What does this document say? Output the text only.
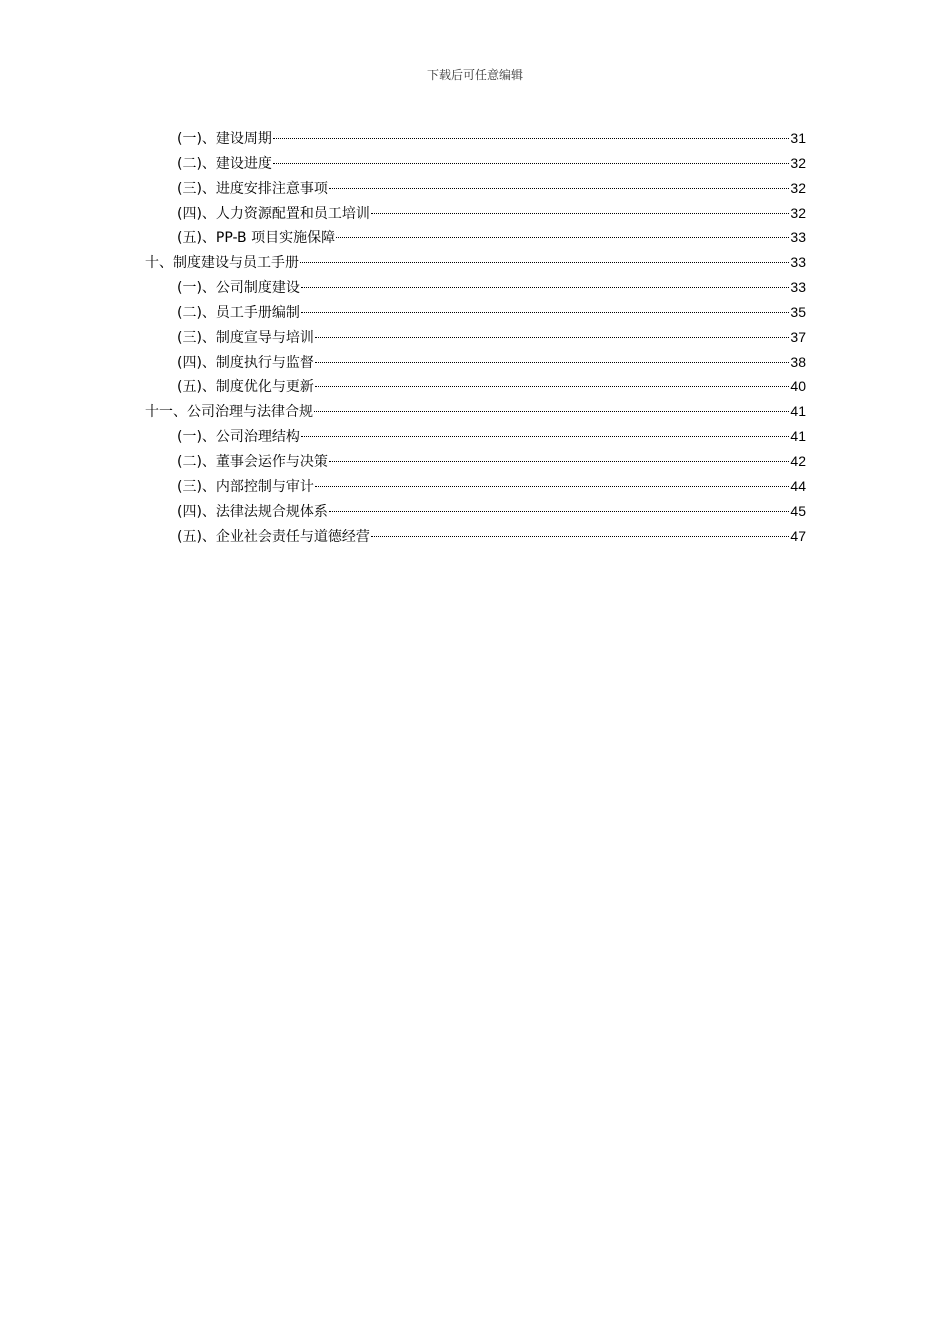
下载后可任意编辑
(一)、建设周期	31
(二)、建设进度	32
(三)、进度安排注意事项	32
(四)、人力资源配置和员工培训	32
(五)、PP-B 项目实施保障	33
十、制度建设与员工手册	33
(一)、公司制度建设	33
(二)、员工手册编制	35
(三)、制度宣导与培训	37
(四)、制度执行与监督	38
(五)、制度优化与更新	40
十一、公司治理与法律合规	41
(一)、公司治理结构	41
(二)、董事会运作与决策	42
(三)、内部控制与审计	44
(四)、法律法规合规体系	45
(五)、企业社会责任与道德经营	47
